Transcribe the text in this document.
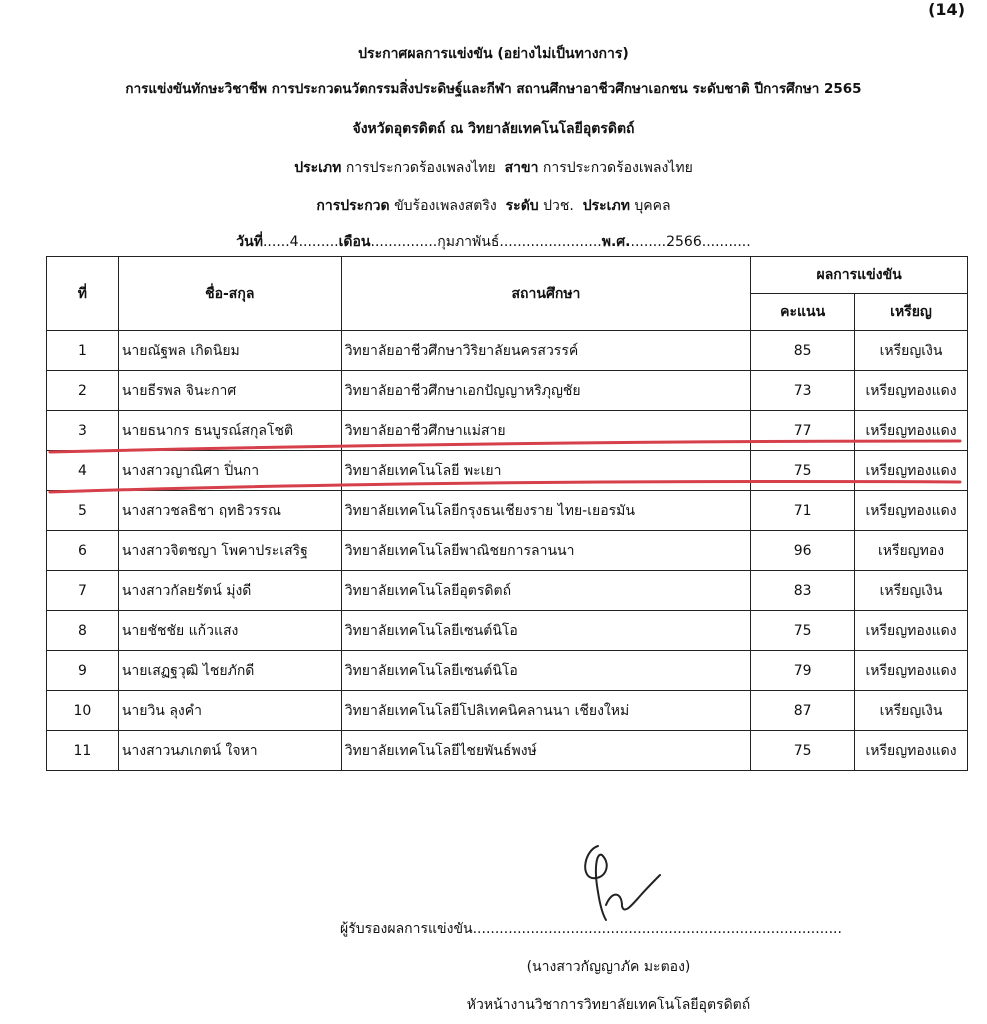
(14)
ประกาศผลการแข่งขัน (อย่างไม่เป็นทางการ)
การแข่งขันทักษะวิชาชีพ การประกวดนวัตกรรมสิ่งประดิษฐ์และกีฬา สถานศึกษาอาชีวศึกษาเอกชน ระดับชาติ ปีการศึกษา 2565
จังหวัดอุตรดิตถ์ ณ วิทยาลัยเทคโนโลยีอุตรดิตถ์
ประเภท การประกวดร้องเพลงไทย สาขา การประกวดร้องเพลงไทย
การประกวด ขับร้องเพลงสตริง ระดับ ปวช. ประเภท บุคคล
วันที่......4.........เดือน...............กุมภาพันธ์.......................พ.ศ.........2566...........
ที่	ชื่อ-สกุล	สถานศึกษา	ผลการแข่งขัน	
			คะแนน	เหรียญ
1	นายณัฐพล เกิดนิยม	วิทยาลัยอาชีวศึกษาวิริยาลัยนครสวรรค์	85	เหรียญเงิน
2	นายธีรพล จินะกาศ	วิทยาลัยอาชีวศึกษาเอกปัญญาหริภุญชัย	73	เหรียญทองแดง
3	นายธนากร ธนบูรณ์สกุลโชติ	วิทยาลัยอาชีวศึกษาแม่สาย	77	เหรียญทองแดง
4	นางสาวญาณิศา ปิ่นกา	วิทยาลัยเทคโนโลยี พะเยา	75	เหรียญทองแดง
5	นางสาวชลธิชา ฤทธิวรรณ	วิทยาลัยเทคโนโลยีกรุงธนเชียงราย ไทย-เยอรมัน	71	เหรียญทองแดง
6	นางสาวจิตชญา โพคาประเสริฐ	วิทยาลัยเทคโนโลยีพาณิชยการลานนา	96	เหรียญทอง
7	นางสาวกัลยรัตน์ มุ่งดี	วิทยาลัยเทคโนโลยีอุตรดิตถ์	83	เหรียญเงิน
8	นายชัชชัย แก้วแสง	วิทยาลัยเทคโนโลยีเซนต์นิโอ	75	เหรียญทองแดง
9	นายเสฏฐวุฒิ ไชยภักดี	วิทยาลัยเทคโนโลยีเซนต์นิโอ	79	เหรียญทองแดง
10	นายวิน ลุงคำ	วิทยาลัยเทคโนโลยีโปลิเทคนิคลานนา เชียงใหม่	87	เหรียญเงิน
11	นางสาวนภเกตน์ ใจหา	วิทยาลัยเทคโนโลยีไชยพันธ์พงษ์	75	เหรียญทองแดง
ผู้รับรองผลการแข่งขัน...................................................................................
(นางสาวกัญญาภัค มะตอง)
หัวหน้างานวิชาการวิทยาลัยเทคโนโลยีอุตรดิตถ์
